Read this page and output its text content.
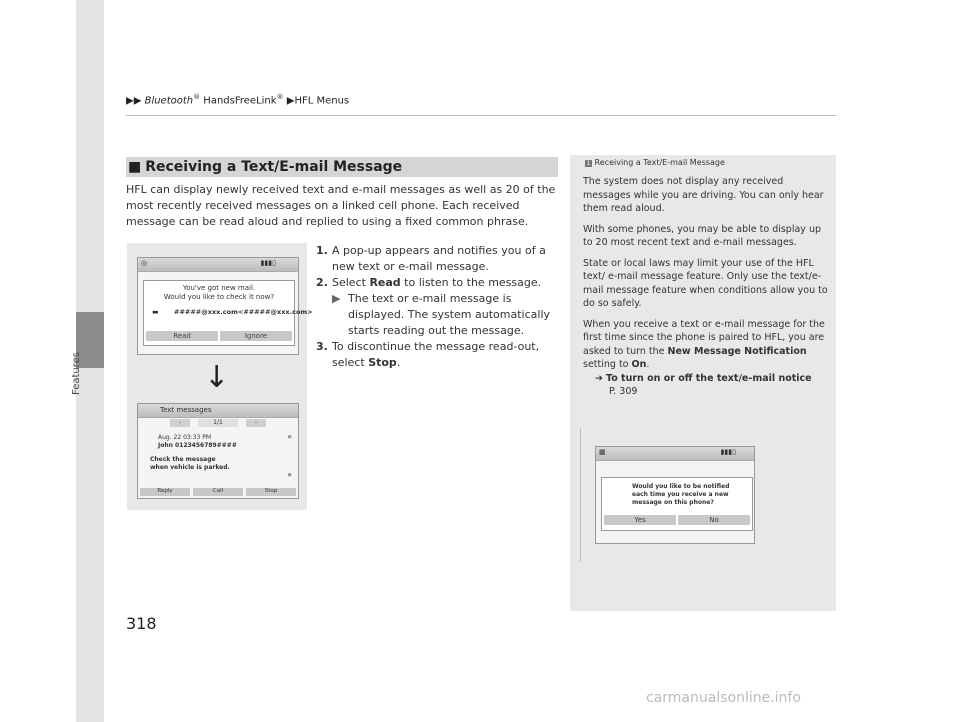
▶▶ Bluetooth® HandsFreeLink® ▶HFL Menus
Features
■ Receiving a Text/E-mail Message
HFL can display newly received text and e-mail messages as well as 20 of the most recently received messages on a linked cell phone. Each received message can be read aloud and replied to using a fixed common phrase.
◎	▮▮▮▯
You've got new mail.
Would you like to check it now?
▬ #####@xxx.com<#####@xxx.com>
Read	Ignore
Text messages
-	1/1	-
Aug. 22 03:33 PM
John 0123456789####
Check the message
when vehicle is parked.
«
»
Reply	Call	Stop
↓
1. A pop-up appears and notifies you of a new text or e-mail message.
2. Select Read to listen to the message.
▶ The text or e-mail message is displayed. The system automatically starts reading out the message.
3. To discontinue the message read-out, select Stop.
1 Receiving a Text/E-mail Message

The system does not display any received messages while you are driving. You can only hear them read aloud.

With some phones, you may be able to display up to 20 most recent text and e-mail messages.

State or local laws may limit your use of the HFL text/ e-mail message feature. Only use the text/e-mail message feature when conditions allow you to do so safely.

When you receive a text or e-mail message for the first time since the phone is paired to HFL, you are asked to turn the New Message Notification setting to On.

➔ To turn on or off the text/e-mail notice
P. 309
▦	▮▮▮▯
Would you like to be notified
each time you receive a new
message on this phone?
Yes	No
318
carmanualsonline.info
